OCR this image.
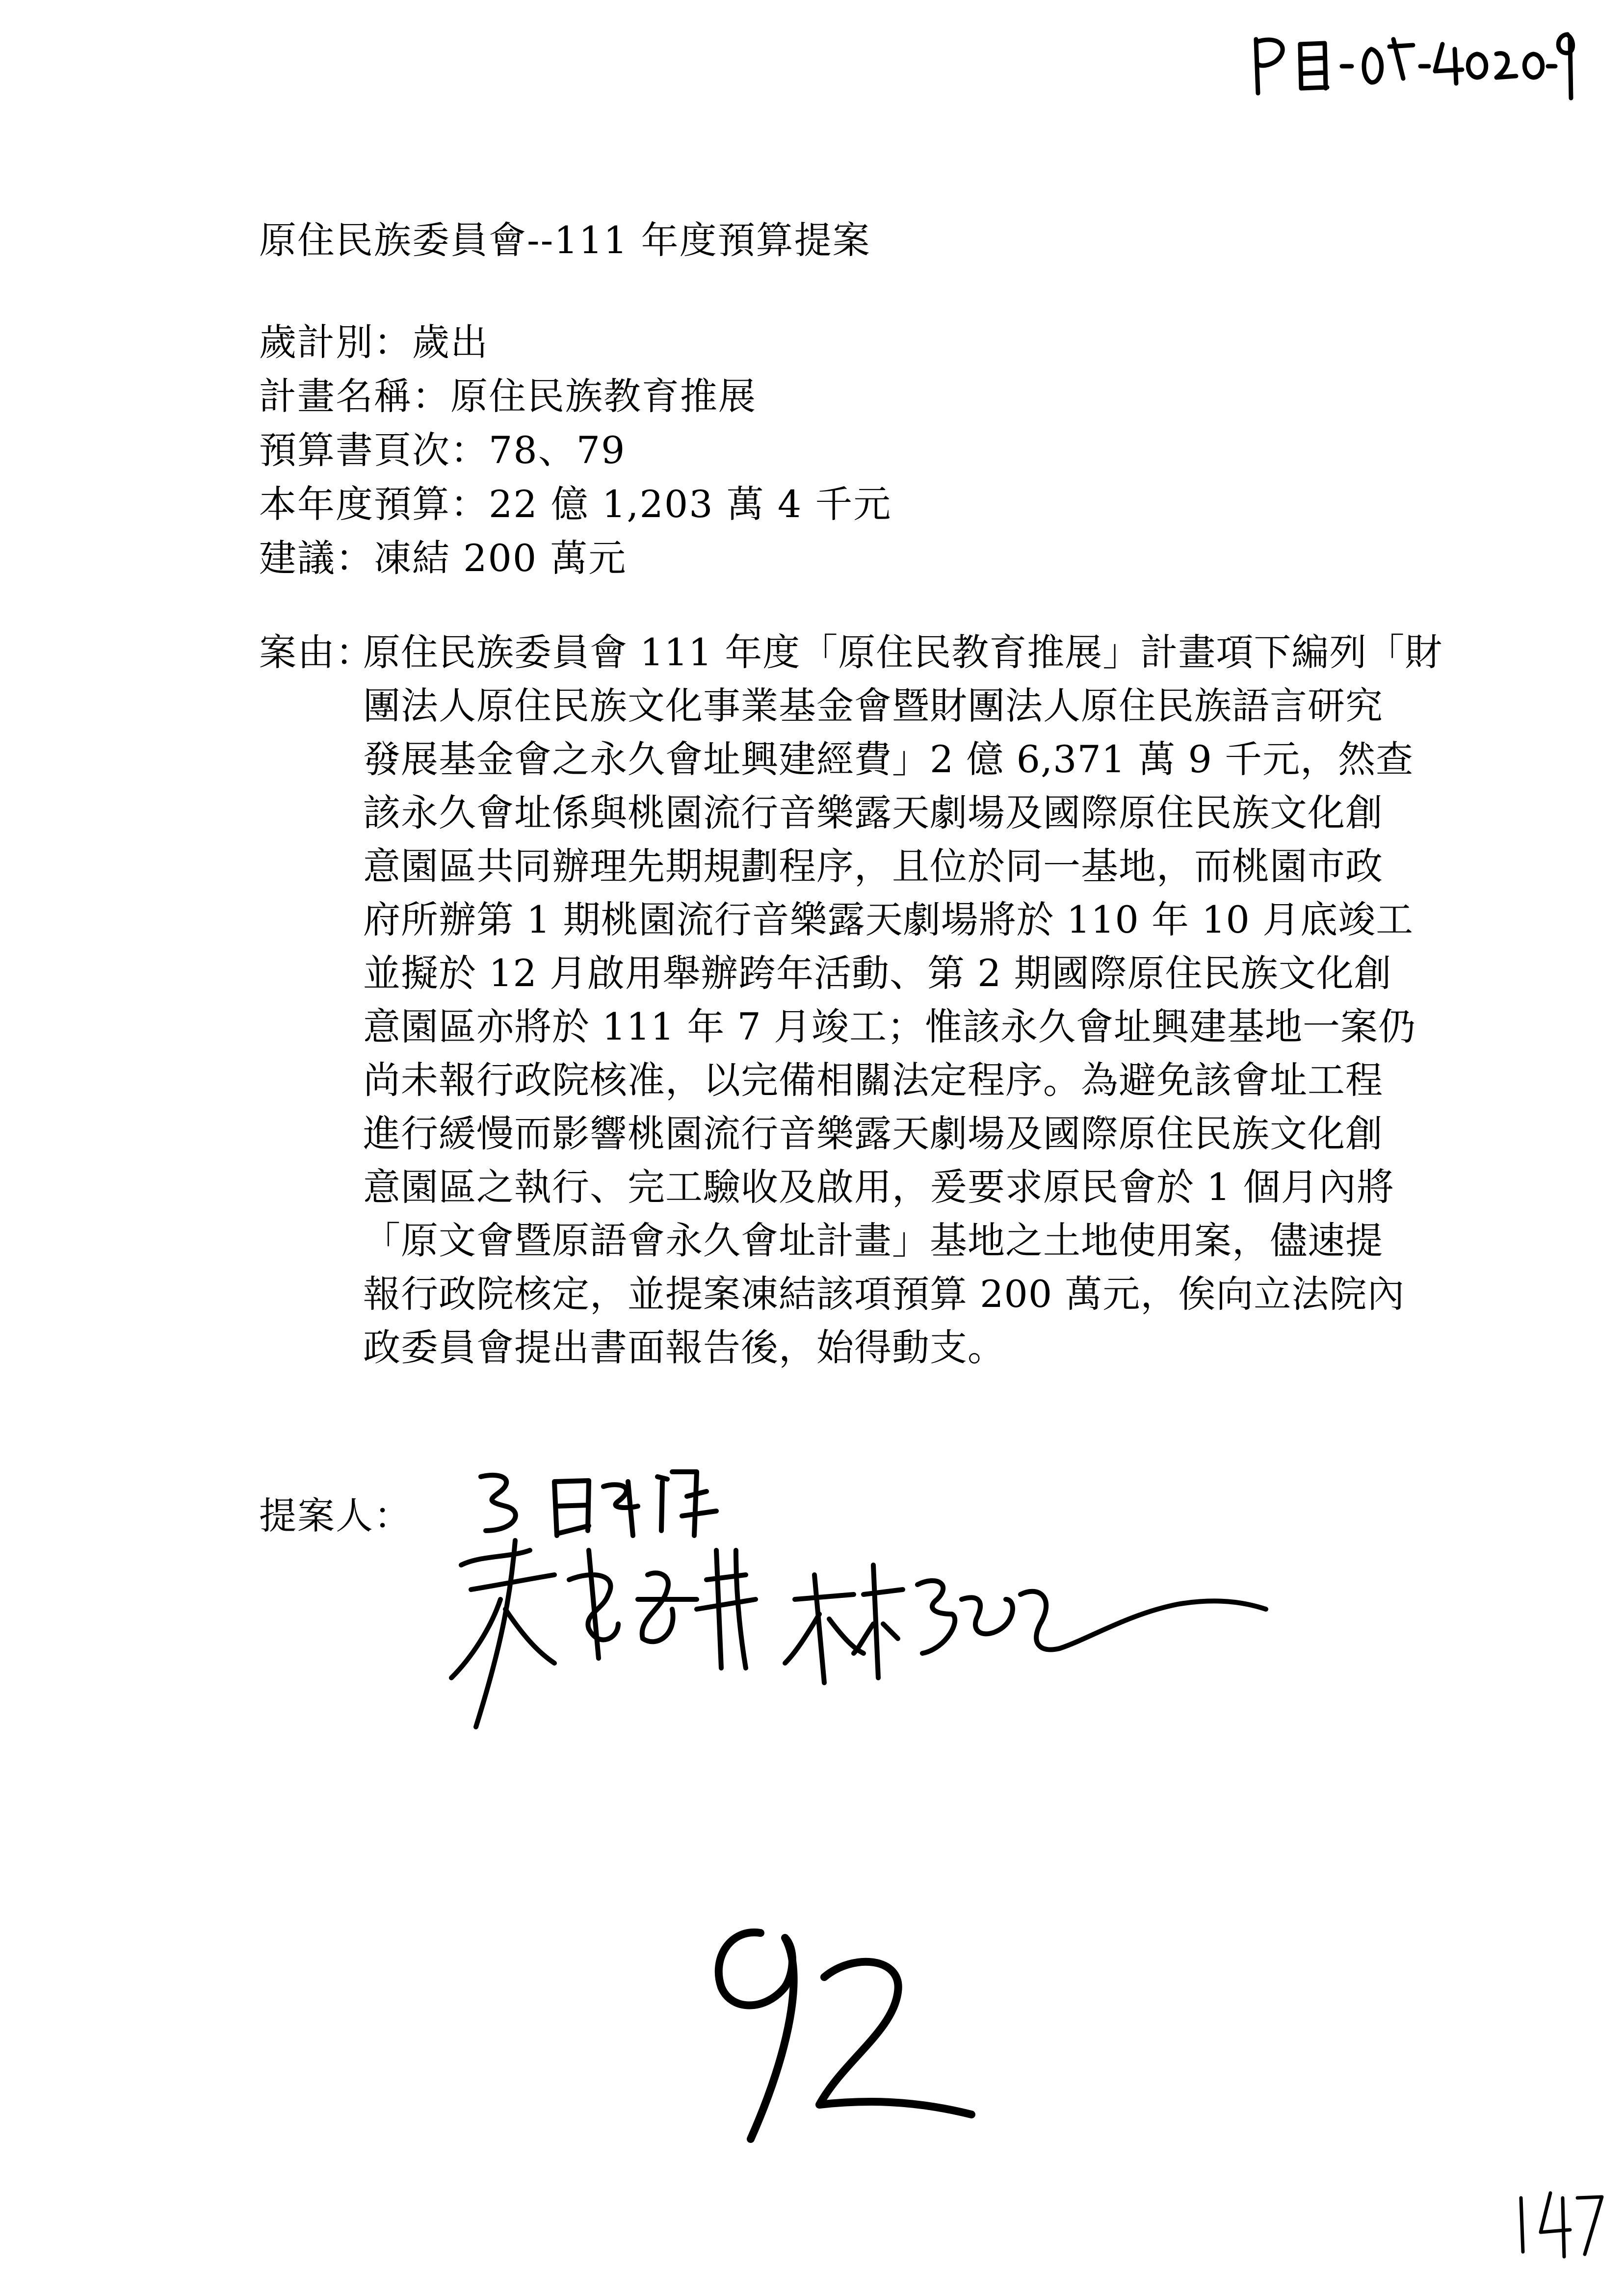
原住民族委員會--111 年度預算提案
歲計別：歲出
計畫名稱：原住民族教育推展
預算書頁次：78、79
本年度預算：22 億 1,203 萬 4 千元
建議：凍結 200 萬元
案由：
原住民族委員會 111 年度「原住民教育推展」計畫項下編列「財
團法人原住民族文化事業基金會暨財團法人原住民族語言研究
發展基金會之永久會址興建經費」2 億 6,371 萬 9 千元，然查
該永久會址係與桃園流行音樂露天劇場及國際原住民族文化創
意園區共同辦理先期規劃程序，且位於同一基地，而桃園市政
府所辦第 1 期桃園流行音樂露天劇場將於 110 年 10 月底竣工
並擬於 12 月啟用舉辦跨年活動、第 2 期國際原住民族文化創
意園區亦將於 111 年 7 月竣工；惟該永久會址興建基地一案仍
尚未報行政院核准，以完備相關法定程序。為避免該會址工程
進行緩慢而影響桃園流行音樂露天劇場及國際原住民族文化創
意園區之執行、完工驗收及啟用，爰要求原民會於 1 個月內將
「原文會暨原語會永久會址計畫」基地之土地使用案，儘速提
報行政院核定，並提案凍結該項預算 200 萬元，俟向立法院內
政委員會提出書面報告後，始得動支。
提案人：
